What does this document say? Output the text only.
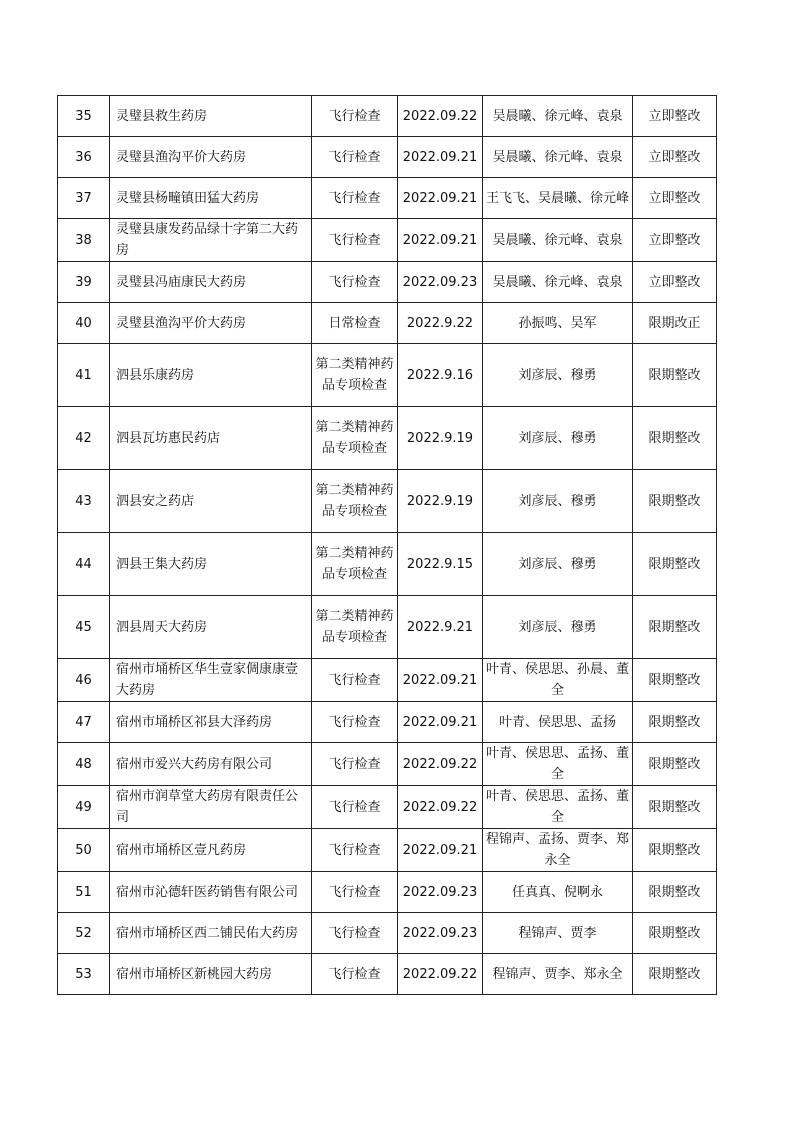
35	灵璧县救生药房	飞行检查	2022.09.22	吴晨曦、徐元峰、袁泉	立即整改
36	灵璧县渔沟平价大药房	飞行检查	2022.09.21	吴晨曦、徐元峰、袁泉	立即整改
37	灵璧县杨疃镇田猛大药房	飞行检查	2022.09.21	王飞飞、吴晨曦、徐元峰	立即整改
38	灵璧县康发药品绿十字第二大药房	飞行检查	2022.09.21	吴晨曦、徐元峰、袁泉	立即整改
39	灵璧县冯庙康民大药房	飞行检查	2022.09.23	吴晨曦、徐元峰、袁泉	立即整改
40	灵璧县渔沟平价大药房	日常检查	2022.9.22	孙振鸣、吴军	限期改正
41	泗县乐康药房	第二类精神药品专项检查	2022.9.16	刘彦辰、穆勇	限期整改
42	泗县瓦坊惠民药店	第二类精神药品专项检查	2022.9.19	刘彦辰、穆勇	限期整改
43	泗县安之药店	第二类精神药品专项检查	2022.9.19	刘彦辰、穆勇	限期整改
44	泗县王集大药房	第二类精神药品专项检查	2022.9.15	刘彦辰、穆勇	限期整改
45	泗县周天大药房	第二类精神药品专项检查	2022.9.21	刘彦辰、穆勇	限期整改
46	宿州市埇桥区华生壹家倜康康壹大药房	飞行检查	2022.09.21	叶青、侯思思、孙晨、董全	限期整改
47	宿州市埇桥区祁县大泽药房	飞行检查	2022.09.21	叶青、侯思思、孟扬	限期整改
48	宿州市爱兴大药房有限公司	飞行检查	2022.09.22	叶青、侯思思、孟扬、董全	限期整改
49	宿州市润草堂大药房有限责任公司	飞行检查	2022.09.22	叶青、侯思思、孟扬、董全	限期整改
50	宿州市埇桥区壹凡药房	飞行检查	2022.09.21	程锦声、孟扬、贾李、郑永全	限期整改
51	宿州市沁德轩医药销售有限公司	飞行检查	2022.09.23	任真真、倪啊永	限期整改
52	宿州市埇桥区西二铺民佑大药房	飞行检查	2022.09.23	程锦声、贾李	限期整改
53	宿州市埇桥区新桃园大药房	飞行检查	2022.09.22	程锦声、贾李、郑永全	限期整改
